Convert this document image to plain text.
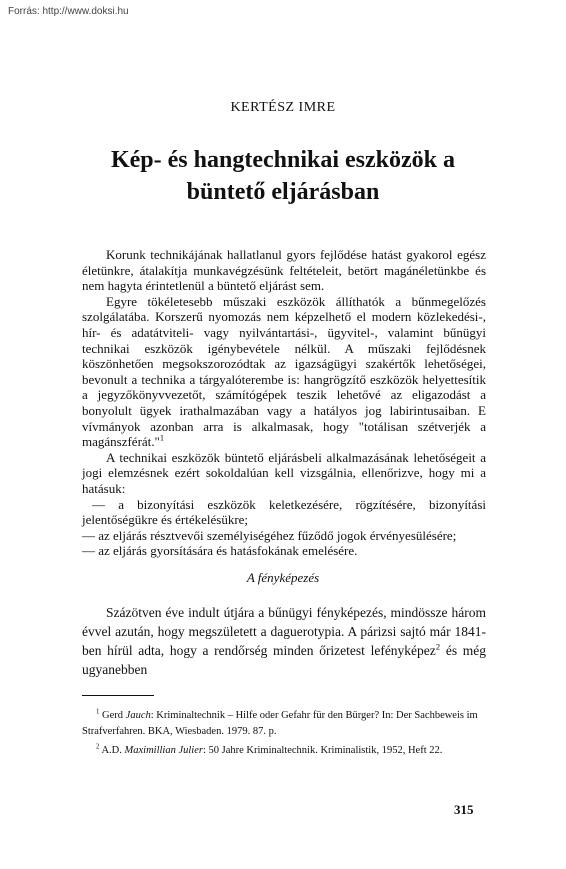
Forrás: http://www.doksi.hu
KERTÉSZ IMRE
Kép- és hangtechnikai eszközök a
büntető eljárásban

Korunk technikájának hallatlanul gyors fejlődése hatást gyakorol egész életünkre, átalakítja munkavégzésünk feltételeit, betört magánéletünkbe és nem hagyta érintetlenül a büntető eljárást sem.

Egyre tökéletesebb műszaki eszközök állíthatók a bűnmegelőzés szolgálatába. Korszerű nyomozás nem képzelhető el modern közlekedési-, hír- és adatátviteli- vagy nyilvántartási-, ügyvitel-, valamint bűnügyi technikai eszközök igénybevétele nélkül. A műszaki fejlődésnek köszönhetően megsokszorozódtak az igazságügyi szakértők lehetőségei, bevonult a technika a tárgyalóterembe is: hangrögzítő eszközök helyettesítik a jegyzőkönyvvezetőt, számítógépek teszik lehetővé az eligazodást a bonyolult ügyek irathalmazában vagy a hatályos jog labirintusaiban. E vívmányok azonban arra is alkalmasak, hogy "totálisan szétverjék a magánszférát."$^1$

A technikai eszközök büntető eljárásbeli alkalmazásának lehetőségeit a jogi elemzésnek ezért sokoldalúan kell vizsgálnia, ellenőrizve, hogy mi a hatásuk:

— a bizonyítási eszközök keletkezésére, rögzítésére, bizonyítási jelentőségükre és értékelésükre;

— az eljárás résztvevői személyiségéhez fűződő jogok érvényesülésére;

— az eljárás gyorsítására és hatásfokának emelésére.

A fényképezés

Százötven éve indult útjára a bűnügyi fényképezés, mindössze három évvel azután, hogy megszületett a daguerotypia. A párizsi sajtó már 1841-ben hírül adta, hogy a rendőrség minden őrizetest lefényképez$^2$ és még ugyanebben

$^1$ Gerd Jauch: Kriminaltechnik – Hilfe oder Gefahr für den Bürger? In: Der Sachbeweis im Strafverfahren. BKA, Wiesbaden. 1979. 87. p.

$^2$ A.D. Maximillian Julier: 50 Jahre Kriminaltechnik. Kriminalistik, 1952, Heft 22.

315
